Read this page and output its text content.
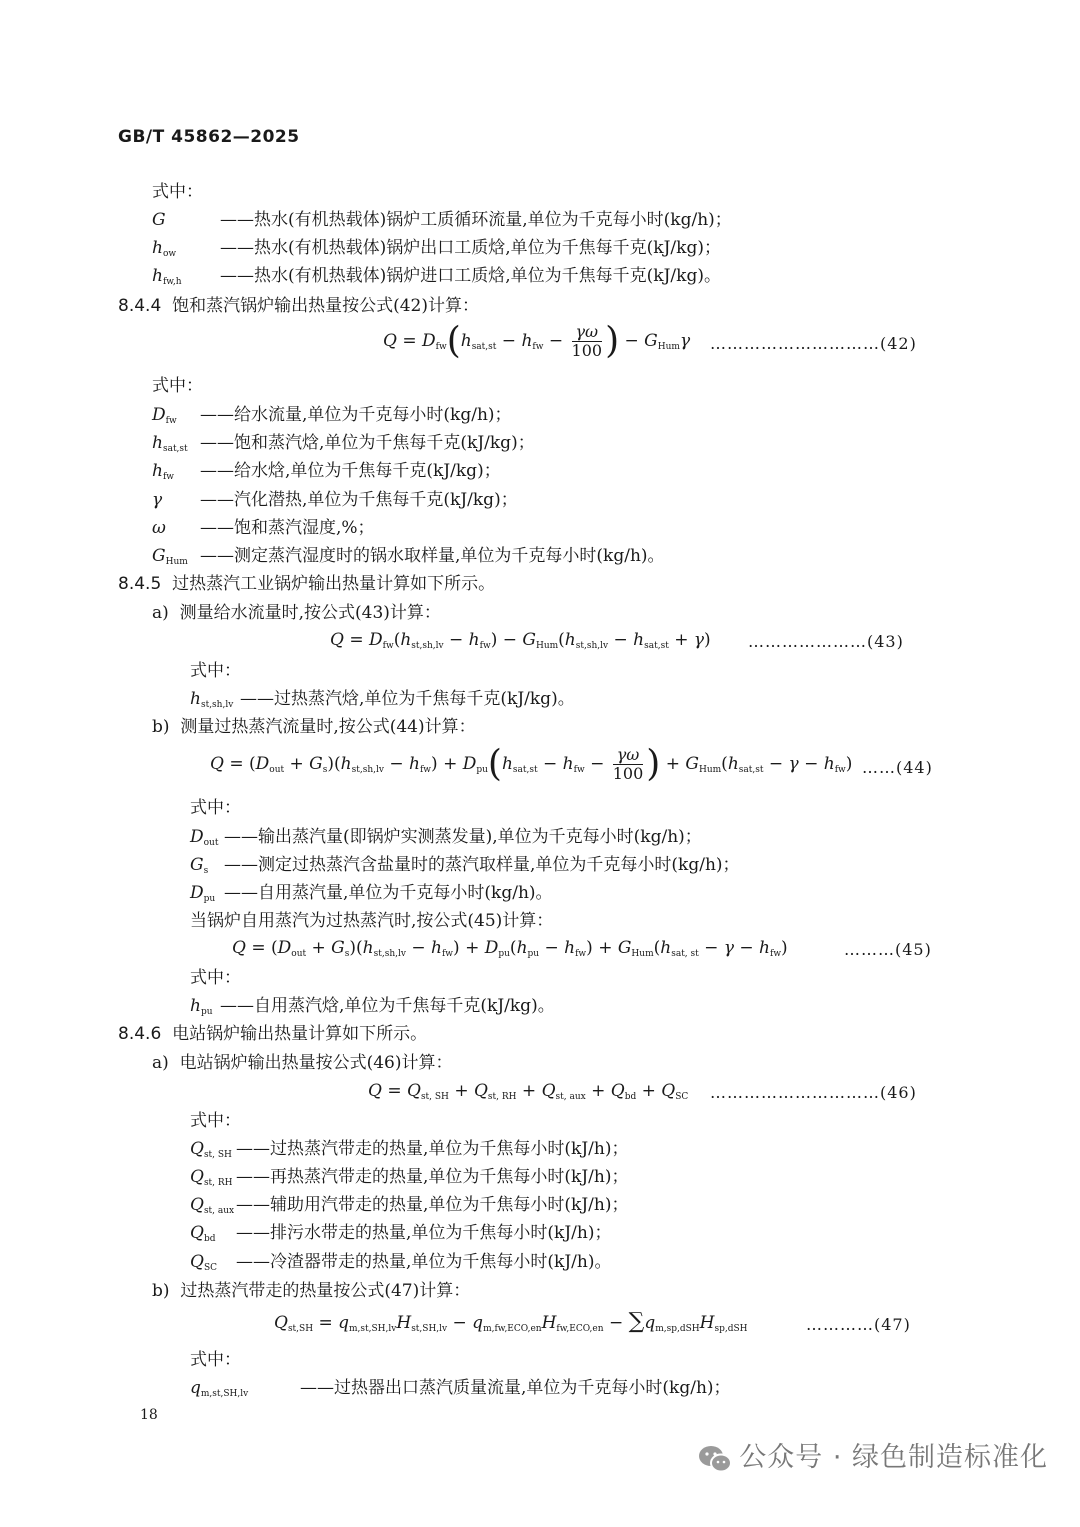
GB/T 45862—2025
式中：
G	——热水(有机热载体)锅炉工质循环流量,单位为千克每小时(kg/h)；
$h_{ow}$	——热水(有机热载体)锅炉出口工质焓,单位为千焦每千克(kJ/kg)；
$h_{fw,h}$ ——热水(有机热载体)锅炉进口工质焓,单位为千焦每千克(kJ/kg)。
8.4.4 饱和蒸汽锅炉输出热量按公式(42)计算：
$Q = D_{fw}(h_{sat,st} - h_{fw} - \frac{\gamma\omega}{100}$ ) − $G_{Hum}\gamma$ …………………………(42)
式中：
$D_{fw}$ ——给水流量,单位为千克每小时(kg/h)；
$h_{sat,st}$ ——饱和蒸汽焓,单位为千焦每千克(kJ/kg)；
$h_{fw}$ ——给水焓,单位为千焦每千克(kJ/kg)；
γ ——汽化潜热,单位为千焦每千克(kJ/kg)；
ω ——饱和蒸汽湿度,%；
$G_{Hum}$ ——测定蒸汽湿度时的锅水取样量,单位为千克每小时(kg/h)。
8.4.5 过热蒸汽工业锅炉输出热量计算如下所示。
a) 测量给水流量时,按公式(43)计算：
$Q = D_{fw}(h_{st,sh,lv} - h_{fw}) - G_{Hum}(h_{st,sh,lv} - h_{sat,st} + \gamma)$ …………………(43)
式中：
$h_{st,sh,lv}$ ——过热蒸汽焓,单位为千焦每千克(kJ/kg)。
b) 测量过热蒸汽流量时,按公式(44)计算：
$Q = (D_{out} + G_s)(h_{st,sh,lv} - h_{fw}) + D_{pu}(h_{sat,st} - h_{fw} - \frac{\gamma\omega}{100}$ ) + $G_{Hum}(h_{sat,st} - \gamma - h_{fw})$ ……(44)
式中：
$D_{out}$ ——输出蒸汽量(即锅炉实测蒸发量),单位为千克每小时(kg/h)；
$G_s$ ——测定过热蒸汽含盐量时的蒸汽取样量,单位为千克每小时(kg/h)；
$D_{pu}$ ——自用蒸汽量,单位为千克每小时(kg/h)。
当锅炉自用蒸汽为过热蒸汽时,按公式(45)计算：
$Q = (D_{out} + G_s)(h_{st,sh,lv} - h_{fw}) + D_{pu}(h_{pu} - h_{fw}) + G_{Hum}(h_{sat, st} - \gamma - h_{fw})$	………(45)
式中：
$h_{pu}$ ——自用蒸汽焓,单位为千焦每千克(kJ/kg)。
8.4.6 电站锅炉输出热量计算如下所示。
a) 电站锅炉输出热量按公式(46)计算：
$Q = Q_{st, SH} + Q_{st, RH} + Q_{st, aux} + Q_{bd} + Q_{SC}$ …………………………(46)
式中：
$Q_{st, SH}$ ——过热蒸汽带走的热量,单位为千焦每小时(kJ/h)；
$Q_{st, RH}$ ——再热蒸汽带走的热量,单位为千焦每小时(kJ/h)；
$Q_{st, aux}$ ——辅助用汽带走的热量,单位为千焦每小时(kJ/h)；
$Q_{bd}$ ——排污水带走的热量,单位为千焦每小时(kJ/h)；
$Q_{SC}$ ——冷渣器带走的热量,单位为千焦每小时(kJ/h)。
b) 过热蒸汽带走的热量按公式(47)计算：
$Q_{st,SH} = q_{m,st,SH,lv}H_{st,SH,lv} - q_{m,fw,ECO,en}H_{fw,ECO,en} - \sum q_{m,sp,dSH}H_{sp,dSH}$	…………(47)
式中：
$q_{m,st,SH,lv}$	——过热器出口蒸汽质量流量,单位为千克每小时(kg/h)；
18
公众号 · 绿色制造标准化
